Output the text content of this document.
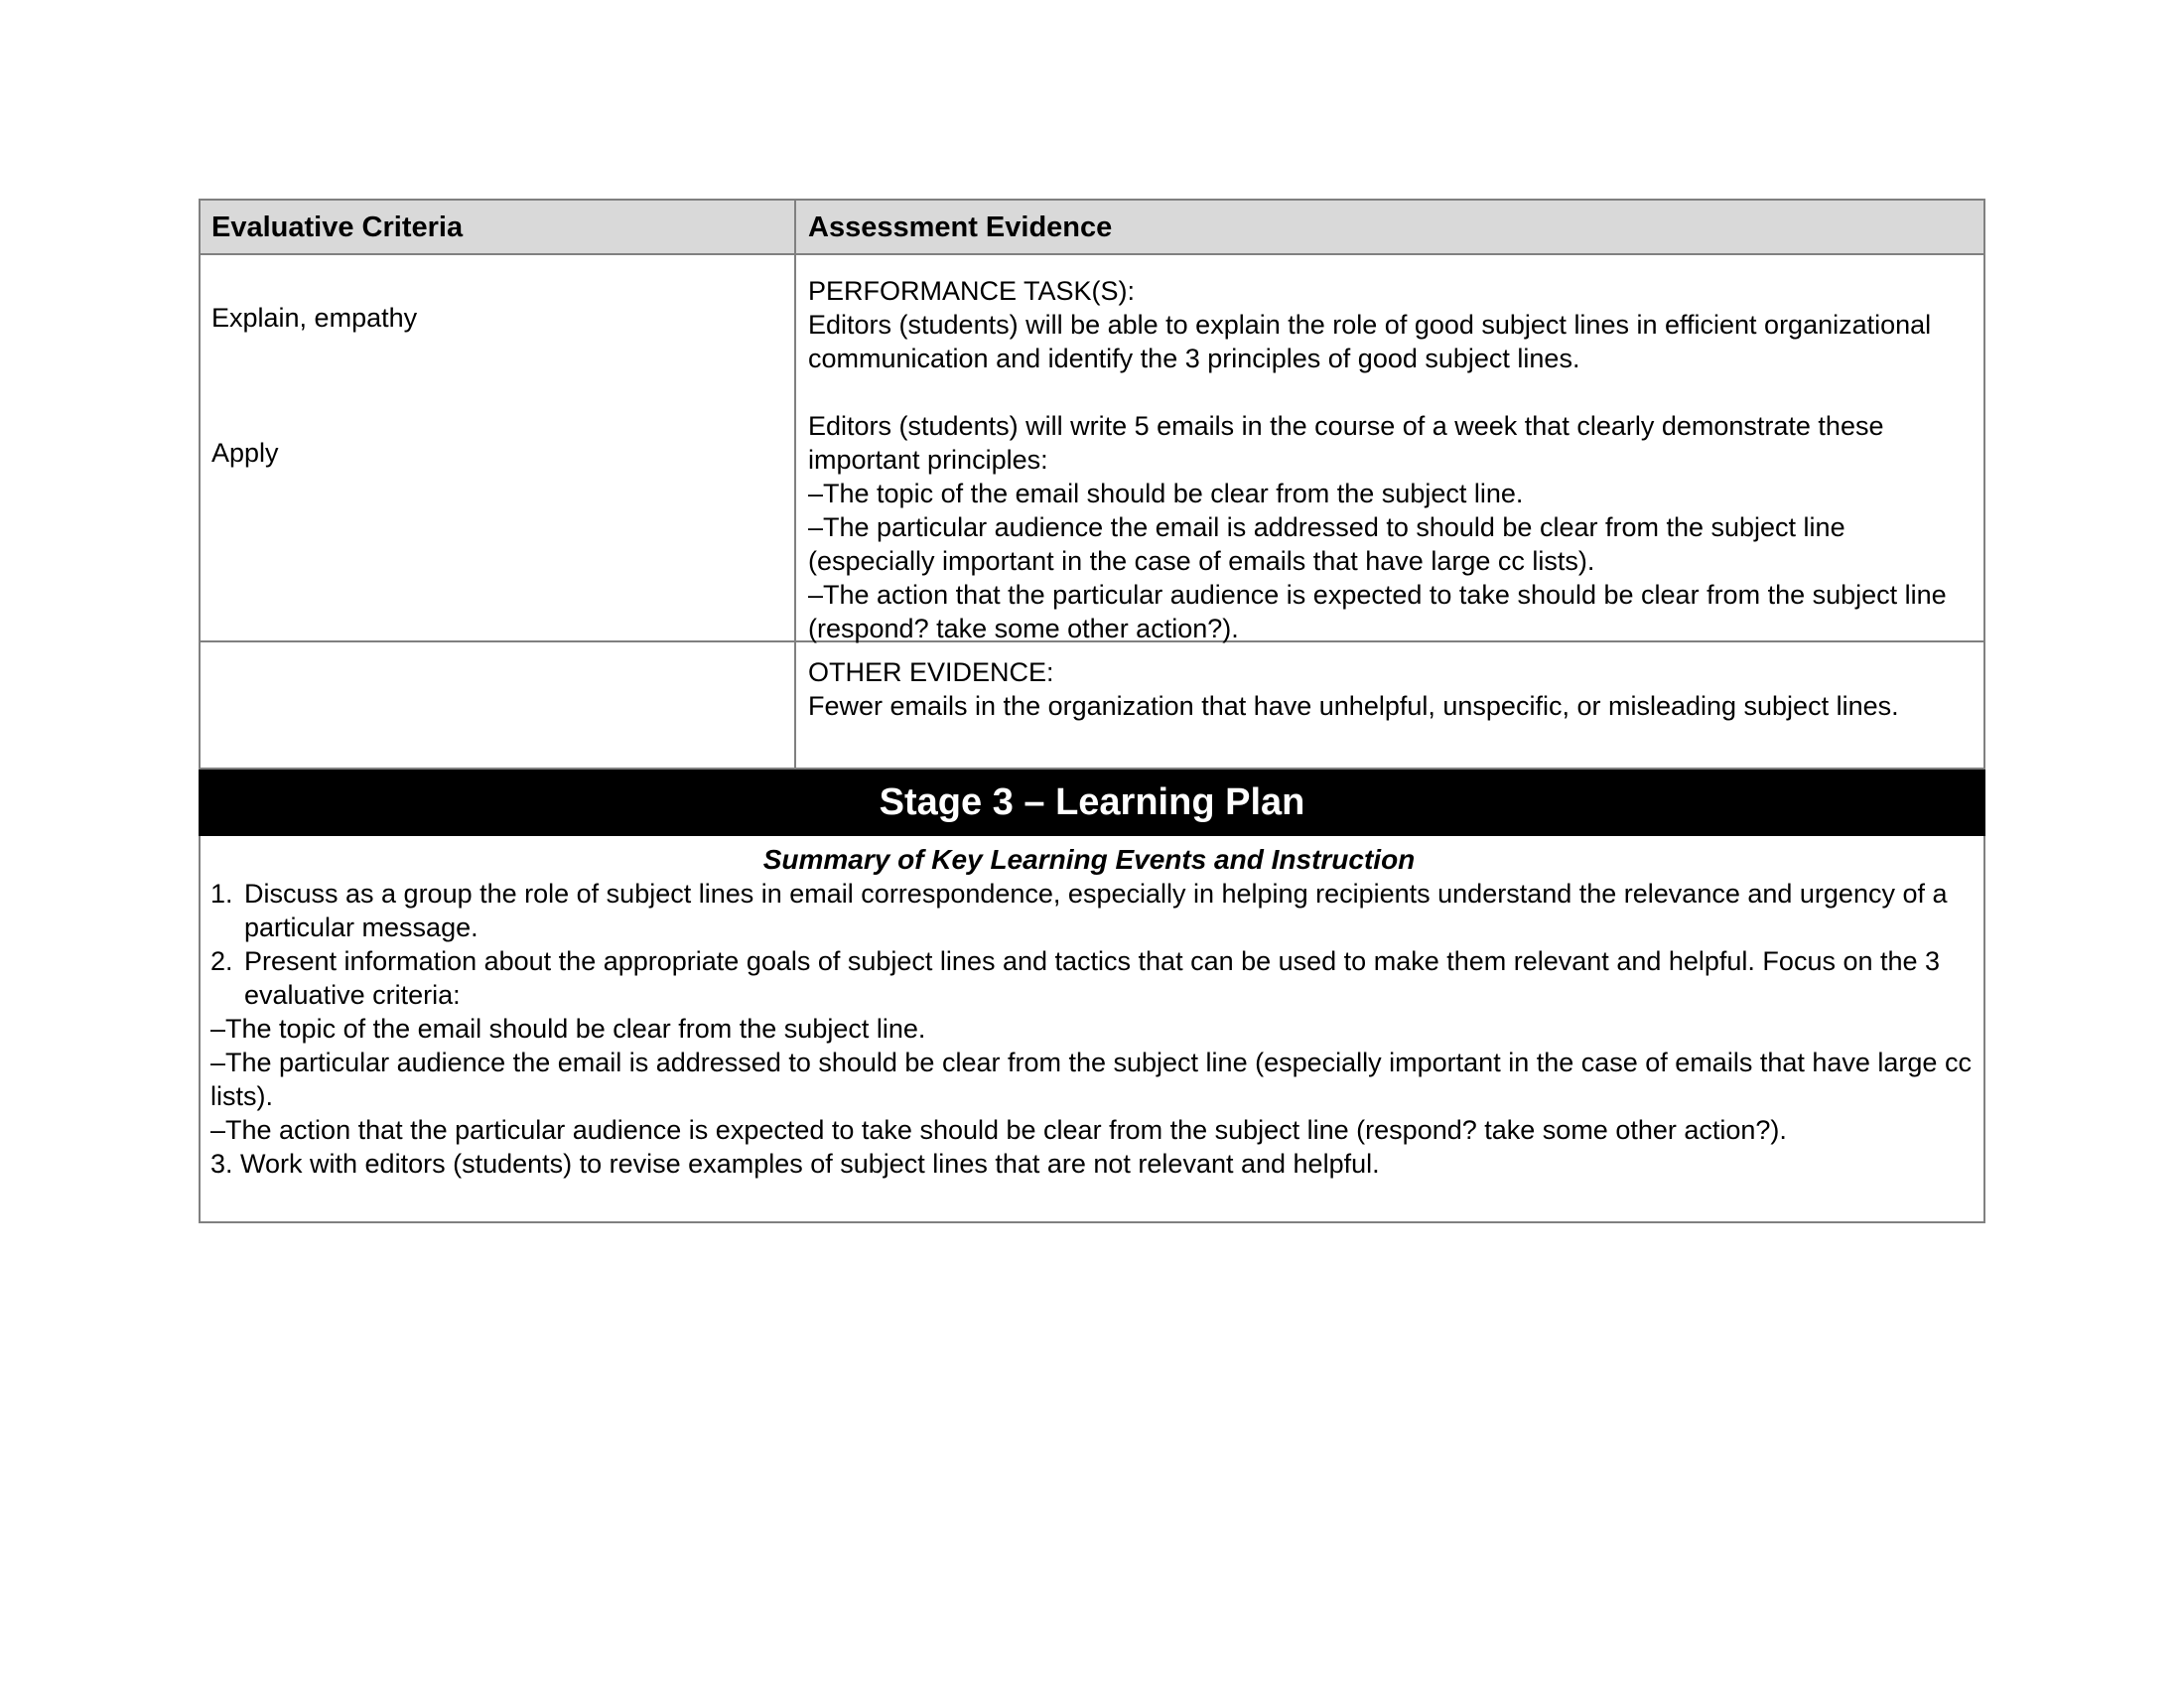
Evaluative Criteria	Assessment Evidence

Explain, empathy

Apply

PERFORMANCE TASK(S):

Editors (students) will be able to explain the role of good subject lines in efficient organizational communication and identify the 3 principles of good subject lines.

Editors (students) will write 5 emails in the course of a week that clearly demonstrate these important principles:

–The topic of the email should be clear from the subject line.

–The particular audience the email is addressed to should be clear from the subject line (especially important in the case of emails that have large cc lists).

–The action that the particular audience is expected to take should be clear from the subject line (respond? take some other action?).

OTHER EVIDENCE:

Fewer emails in the organization that have unhelpful, unspecific, or misleading subject lines.

Stage 3 – Learning Plan

Summary of Key Learning Events and Instruction

1. Discuss as a group the role of subject lines in email correspondence, especially in helping recipients understand the relevance and urgency of a particular message.
2. Present information about the appropriate goals of subject lines and tactics that can be used to make them relevant and helpful. Focus on the 3 evaluative criteria:

–The topic of the email should be clear from the subject line.

–The particular audience the email is addressed to should be clear from the subject line (especially important in the case of emails that have large cc lists).

–The action that the particular audience is expected to take should be clear from the subject line (respond? take some other action?).

3. Work with editors (students) to revise examples of subject lines that are not relevant and helpful.
